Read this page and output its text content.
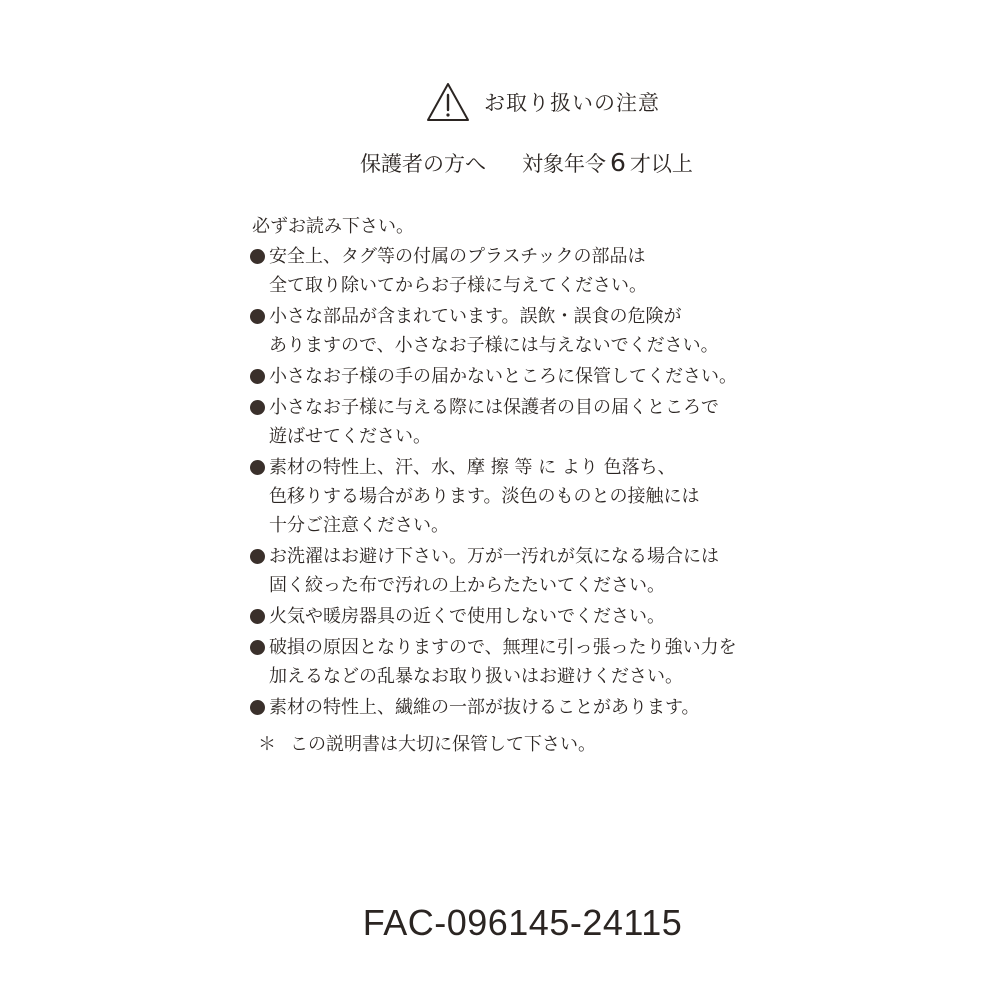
お取り扱いの注意
保護者の方へ 対象年令 6 才以上
必ずお読み下さい。
安全上、タグ等の付属のプラスチックの部品は
全て取り除いてからお子様に与えてください。
小さな部品が含まれています。誤飲・誤食の危険が
ありますので、小さなお子様には与えないでください。
小さなお子様の手の届かないところに保管してください。
小さなお子様に与える際には保護者の目の届くところで
遊ばせてください。
素材の特性上、汗、水、摩 擦 等 に より 色落ち、
色移りする場合があります。淡色のものとの接触には
十分ご注意ください。
お洗濯はお避け下さい。万が一汚れが気になる場合には
固く絞った布で汚れの上からたたいてください。
火気や暖房器具の近くで使用しないでください。
破損の原因となりますので、無理に引っ張ったり強い力を
加えるなどの乱暴なお取り扱いはお避けください。
素材の特性上、繊維の一部が抜けることがあります。
＊ この説明書は大切に保管して下さい。
FAC-096145-24115
